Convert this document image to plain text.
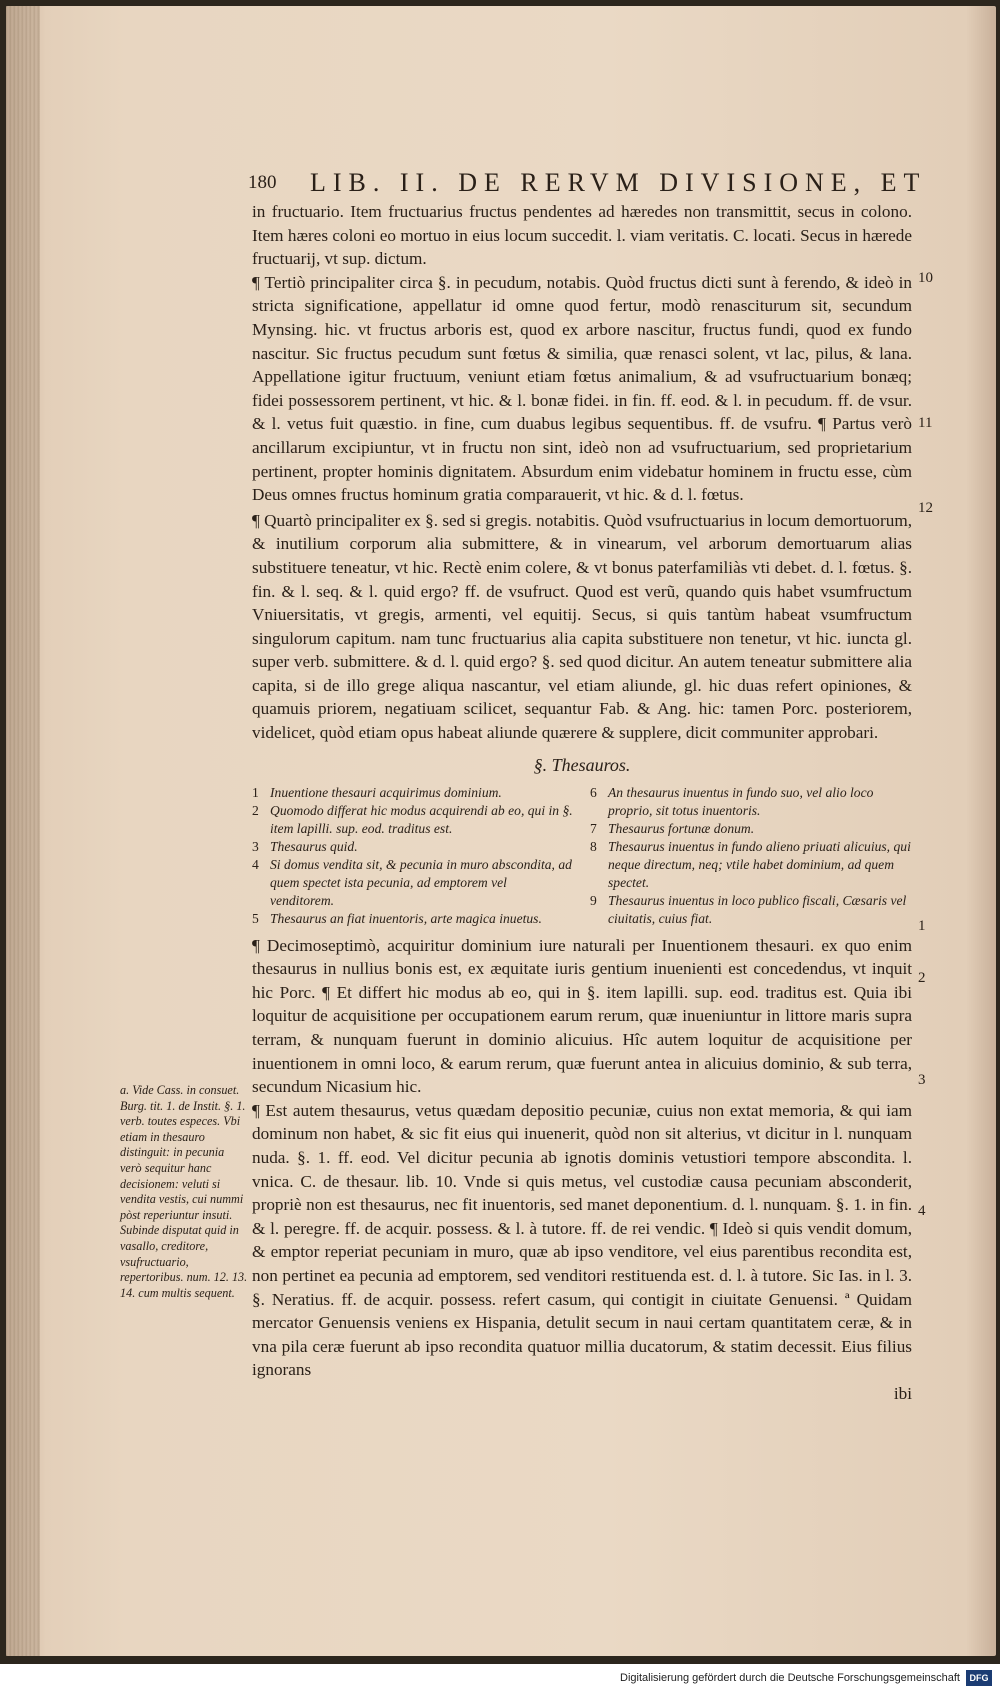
180 LIB. II. DE RERVM DIVISIONE, ET

in fructuario. Item fructuarius fructus pendentes ad hæredes non transmittit, secus in colono. Item hæres coloni eo mortuo in eius locum succedit. l. viam veritatis. C. locati. Secus in hærede fructuarij, vt sup. dictum.

¶ Tertiò principaliter circa §. in pecudum, notabis. Quòd fructus dicti sunt à ferendo, & ideò in stricta significatione, appellatur id omne quod fertur, modò renasciturum sit, secundum Mynsing. hic. vt fructus arboris est, quod ex arbore nascitur, fructus fundi, quod ex fundo nascitur. Sic fructus pecudum sunt fœtus & similia, quæ renasci solent, vt lac, pilus, & lana. Appellatione igitur fructuum, veniunt etiam fœtus animalium, & ad vsufructuarium bonæq; fidei possessorem pertinent, vt hic. & l. bonæ fidei. in fin. ff. eod. & l. in pecudum. ff. de vsur. & l. vetus fuit quæstio. in fine, cum duabus legibus sequentibus. ff. de vsufru. ¶ Partus verò ancillarum excipiuntur, vt in fructu non sint, ideò non ad vsufructuarium, sed proprietarium pertinent, propter hominis dignitatem. Absurdum enim videbatur hominem in fructu esse, cùm Deus omnes fructus hominum gratia comparauerit, vt hic. & d. l. fœtus.

¶ Quartò principaliter ex §. sed si gregis. notabitis. Quòd vsufructuarius in locum demortuorum, & inutilium corporum alia submittere, & in vinearum, vel arborum demortuarum alias substituere teneatur, vt hic. Rectè enim colere, & vt bonus paterfamiliàs vti debet. d. l. fœtus. §. fin. & l. seq. & l. quid ergo? ff. de vsufruct. Quod est verũ, quando quis habet vsumfructum Vniuersitatis, vt gregis, armenti, vel equitij. Secus, si quis tantùm habeat vsumfructum singulorum capitum. nam tunc fructuarius alia capita substituere non tenetur, vt hic. iuncta gl. super verb. submittere. & d. l. quid ergo? §. sed quod dicitur. An autem teneatur submittere alia capita, si de illo grege aliqua nascantur, vel etiam aliunde, gl. hic duas refert opiniones, & quamuis priorem, negatiuam scilicet, sequantur Fab. & Ang. hic: tamen Porc. posteriorem, videlicet, quòd etiam opus habeat aliunde quærere & supplere, dicit communiter approbari.

§. Thesauros.
1 Inuentione thesauri acquirimus dominium.
2 Quomodo differat hic modus acquirendi ab eo, qui in §. item lapilli. sup. eod. traditus est.
3 Thesaurus quid.
4 Si domus vendita sit, & pecunia in muro abscondita, ad quem spectet ista pecunia, ad emptorem vel venditorem.
5 Thesaurus an fiat inuentoris, arte magica inuetus.
6 An thesaurus inuentus in fundo suo, vel alio loco proprio, sit totus inuentoris.
7 Thesaurus fortunæ donum.
8 Thesaurus inuentus in fundo alieno priuati alicuius, qui neque directum, neq; vtile habet dominium, ad quem spectet.
9 Thesaurus inuentus in loco publico fiscali, Cæsaris vel ciuitatis, cuius fiat.

¶ Decimoseptimò, acquiritur dominium iure naturali per Inuentionem thesauri. ex quo enim thesaurus in nullius bonis est, ex æquitate iuris gentium inuenienti est concedendus, vt inquit hic Porc. ¶ Et differt hic modus ab eo, qui in §. item lapilli. sup. eod. traditus est. Quia ibi loquitur de acquisitione per occupationem earum rerum, quæ inueniuntur in littore maris supra terram, & nunquam fuerunt in dominio alicuius. Hîc autem loquitur de acquisitione per inuentionem in omni loco, & earum rerum, quæ fuerunt antea in alicuius dominio, & sub terra, secundum Nicasium hic.

¶ Est autem thesaurus, vetus quædam depositio pecuniæ, cuius non extat memoria, & qui iam dominum non habet, & sic fit eius qui inuenerit, quòd non sit alterius, vt dicitur in l. nunquam nuda. §. 1. ff. eod. Vel dicitur pecunia ab ignotis dominis vetustiori tempore abscondita. l. vnica. C. de thesaur. lib. 10. Vnde si quis metus, vel custodiæ causa pecuniam absconderit, propriè non est thesaurus, nec fit inuentoris, sed manet deponentium. d. l. nunquam. §. 1. in fin. & l. peregre. ff. de acquir. possess. & l. à tutore. ff. de rei vendic. ¶ Ideò si quis vendit domum, & emptor reperiat pecuniam in muro, quæ ab ipso venditore, vel eius parentibus recondita est, non pertinet ea pecunia ad emptorem, sed venditori restituenda est. d. l. à tutore. Sic Ias. in l. 3. §. Neratius. ff. de acquir. possess. refert casum, qui contigit in ciuitate Genuensi. ª Quidam mercator Genuensis veniens ex Hispania, detulit secum in naui certam quantitatem ceræ, & in vna pila ceræ fuerunt ab ipso recondita quatuor millia ducatorum, & statim decessit. Eius filius ignorans

ibi

10
11
12
1
2
3
4

a. Vide Cass. in consuet. Burg. tit. 1. de Instit. §. 1. verb. toutes especes. Vbi etiam in thesauro distinguit: in pecunia verò sequitur hanc decisionem: veluti si vendita vestis, cui nummi pòst reperiuntur insuti. Subinde disputat quid in vasallo, creditore, vsufructuario, repertoribus. num. 12. 13. 14. cum multis sequent.

Digitalisierung gefördert durch die Deutsche Forschungsgemeinschaft	DFG
